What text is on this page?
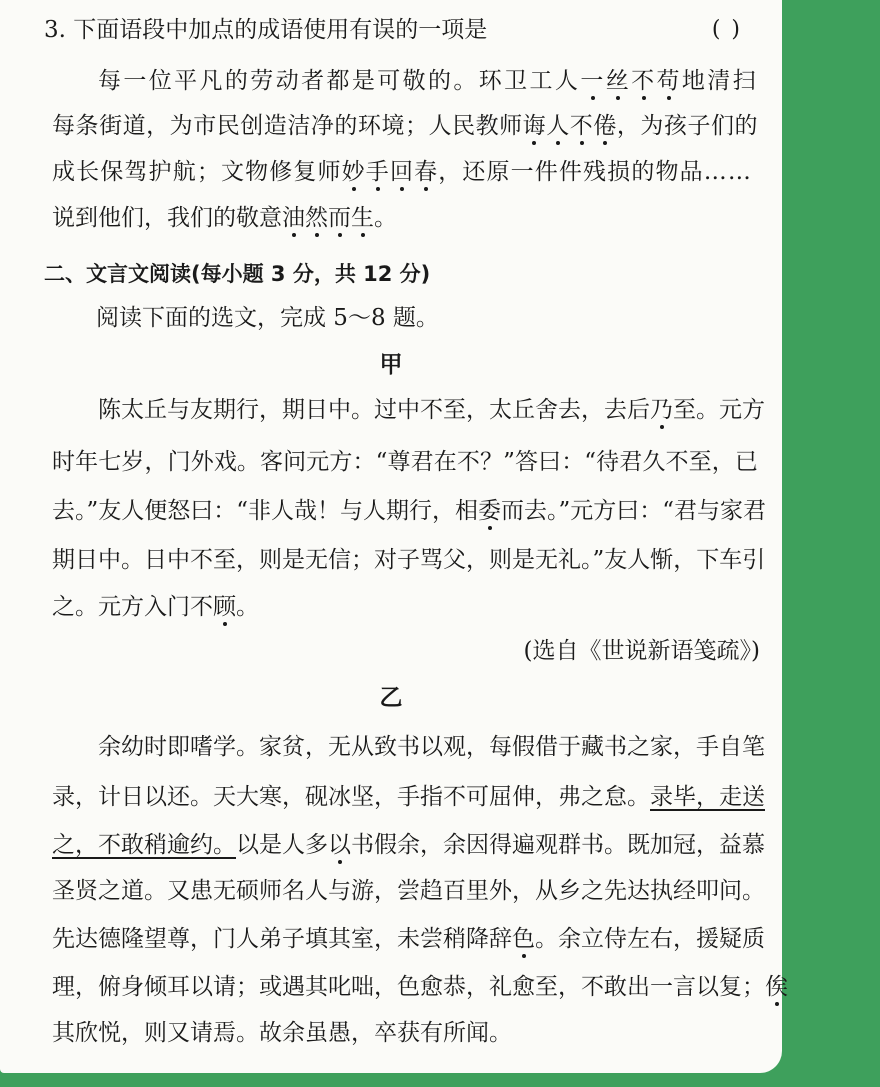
3. 下面语段中加点的成语使用有误的一项是	( )
每一位平凡的劳动者都是可敬的。环卫工人一丝不苟地清扫
每条街道，为市民创造洁净的环境；人民教师诲人不倦，为孩子们的
成长保驾护航；文物修复师妙手回春，还原一件件残损的物品……
说到他们，我们的敬意油然而生。
二、文言文阅读(每小题 3 分，共 12 分)
阅读下面的选文，完成 5～8 题。
甲
陈太丘与友期行，期日中。过中不至，太丘舍去，去后乃至。元方
时年七岁，门外戏。客问元方：“尊君在不？”答曰：“待君久不至，已
去。”友人便怒曰：“非人哉！与人期行，相委而去。”元方曰：“君与家君
期日中。日中不至，则是无信；对子骂父，则是无礼。”友人惭，下车引
之。元方入门不顾。
(选自《世说新语笺疏》)
乙
余幼时即嗜学。家贫，无从致书以观，每假借于藏书之家，手自笔
录，计日以还。天大寒，砚冰坚，手指不可屈伸，弗之怠。录毕，走送
之，不敢稍逾约。以是人多以书假余，余因得遍观群书。既加冠，益慕
圣贤之道。又患无硕师名人与游，尝趋百里外，从乡之先达执经叩问。
先达德隆望尊，门人弟子填其室，未尝稍降辞色。余立侍左右，援疑质
理，俯身倾耳以请；或遇其叱咄，色愈恭，礼愈至，不敢出一言以复；俟
其欣悦，则又请焉。故余虽愚，卒获有所闻。
